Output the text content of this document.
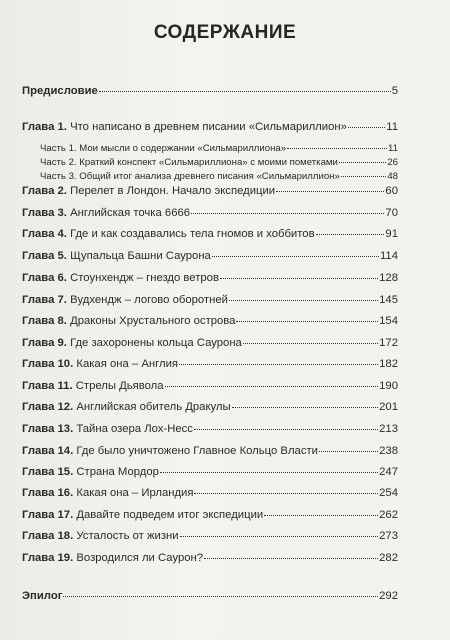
СОДЕРЖАНИЕ
Предисловие	5
Глава 1. Что написано в древнем писании «Сильмариллион»	11
Часть 1. Мои мысли о содержании «Сильмариллиона»	11
Часть 2. Краткий конспект «Сильмариллиона» с моими пометками	26
Часть 3. Общий итог анализа древнего писания «Сильмариллион»	48
Глава 2. Перелет в Лондон. Начало экспедиции	60
Глава 3. Английская точка 6666	70
Глава 4. Где и как создавались тела гномов и хоббитов	91
Глава 5. Щупальца Башни Саурона	114
Глава 6. Стоунхендж – гнездо ветров	128
Глава 7. Вудхендж – логово оборотней	145
Глава 8. Драконы Хрустального острова	154
Глава 9. Где захоронены кольца Саурона	172
Глава 10. Какая она – Англия	182
Глава 11. Стрелы Дьявола	190
Глава 12. Английская обитель Дракулы	201
Глава 13. Тайна озера Лох-Несс	213
Глава 14. Где было уничтожено Главное Кольцо Власти	238
Глава 15. Страна Мордор	247
Глава 16. Какая она – Ирландия	254
Глава 17. Давайте подведем итог экспедиции	262
Глава 18. Усталость от жизни	273
Глава 19. Возродился ли Саурон?	282
Эпилог	292
